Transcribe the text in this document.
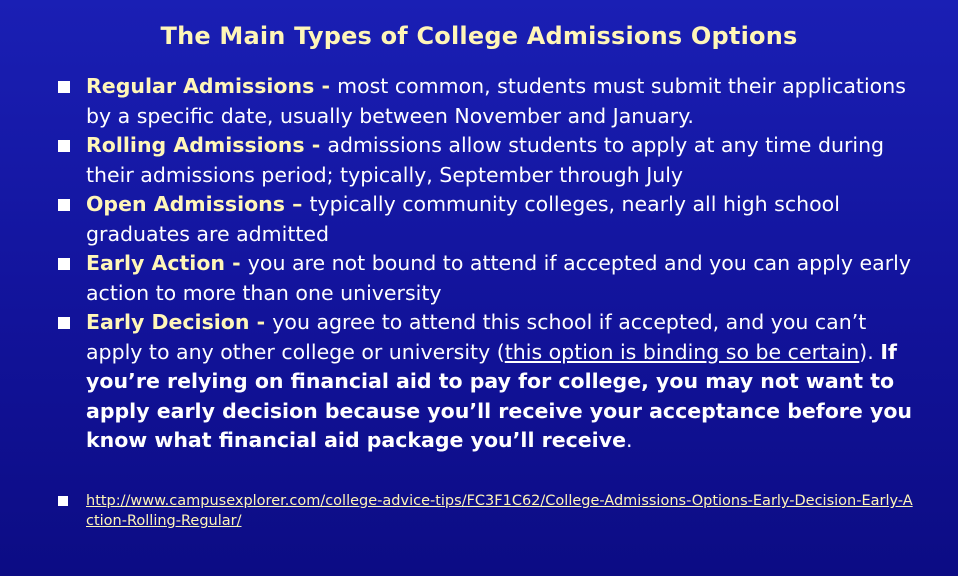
The Main Types of College Admissions Options
Regular Admissions - most common, students must submit their applications by a specific date, usually between November and January.
Rolling Admissions - admissions allow students to apply at any time during their admissions period; typically, September through July
Open Admissions – typically community colleges, nearly all high school graduates are admitted
Early Action - you are not bound to attend if accepted and you can apply early action to more than one university
Early Decision - you agree to attend this school if accepted, and you can’t apply to any other college or university (this option is binding so be certain). If you’re relying on financial aid to pay for college, you may not want to apply early decision because you’ll receive your acceptance before you know what financial aid package you’ll receive.
http://www.campusexplorer.com/college-advice-tips/FC3F1C62/College-Admissions-Options-Early-Decision-Early-Action-Rolling-Regular/
